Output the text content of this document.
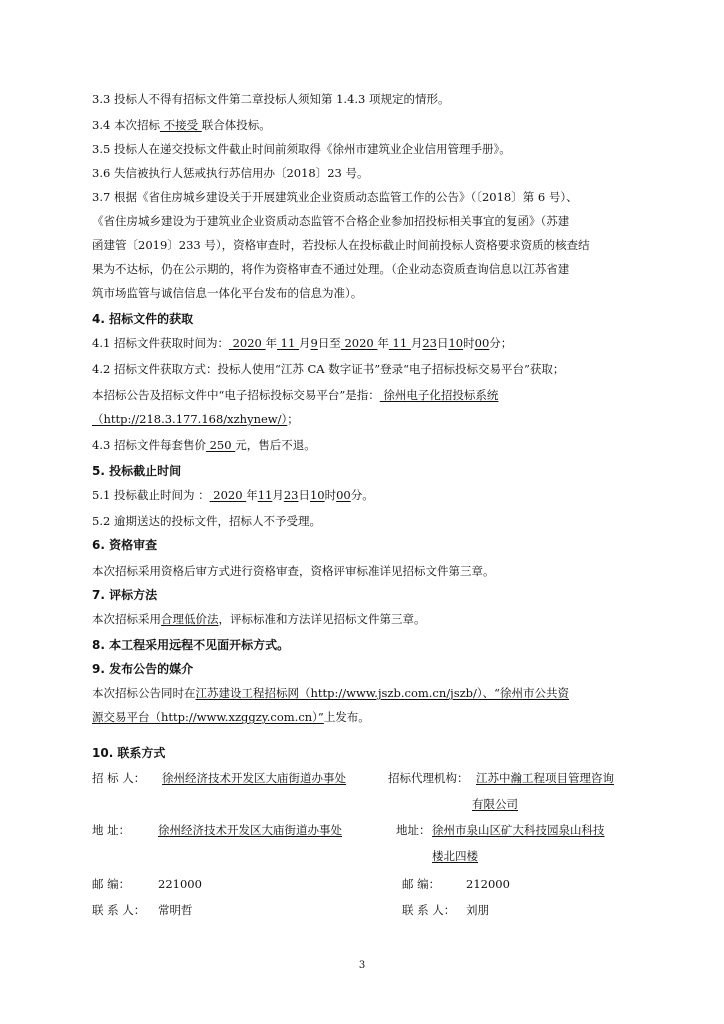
3.3 投标人不得有招标文件第二章投标人须知第 1.4.3 项规定的情形。
3.4 本次招标 不接受 联合体投标。
3.5 投标人在递交投标文件截止时间前须取得《徐州市建筑业企业信用管理手册》。
3.6 失信被执行人惩戒执行苏信用办〔2018〕23 号。
3.7 根据《省住房城乡建设关于开展建筑业企业资质动态监管工作的公告》（〔2018〕第 6 号）、
《省住房城乡建设为于建筑业企业资质动态监管不合格企业参加招投标相关事宜的复函》（苏建
函建管〔2019〕233 号），资格审查时，若投标人在投标截止时间前投标人资格要求资质的核查结
果为不达标，仍在公示期的，将作为资格审查不通过处理。（企业动态资质查询信息以江苏省建
筑市场监管与诚信信息一体化平台发布的信息为准）。
4. 招标文件的获取
4.1 招标文件获取时间为： 2020 年 11 月9日至 2020 年 11 月23日10时00分；
4.2 招标文件获取方式：投标人使用“江苏 CA 数字证书”登录“电子招标投标交易平台”获取；
本招标公告及招标文件中“电子招标投标交易平台”是指： 徐州电子化招投标系统
（http://218.3.177.168/xzhynew/）；
4.3 招标文件每套售价 250 元，售后不退。
5. 投标截止时间
5.1 投标截止时间为 ： 2020 年11月23日10时00分。
5.2 逾期送达的投标文件，招标人不予受理。
6. 资格审查
本次招标采用资格后审方式进行资格审查，资格评审标准详见招标文件第三章。
7. 评标方法
本次招标采用合理低价法，评标标准和方法详见招标文件第三章。
8. 本工程采用远程不见面开标方式。
9. 发布公告的媒介
本次招标公告同时在江苏建设工程招标网（http://www.jszb.com.cn/jszb/）、“徐州市公共资
源交易平台（http://www.xzggzy.com.cn）”上发布。
10. 联系方式
招 标 人： 徐州经济技术开发区大庙街道办事处	招标代理机构： 江苏中瀚工程项目管理咨询
有限公司
地 址： 徐州经济技术开发区大庙街道办事处	地址： 徐州市泉山区矿大科技园泉山科技
楼北四楼
邮 编： 221000	邮 编： 212000
联 系 人： 常明哲	联 系 人： 刘朋
3
